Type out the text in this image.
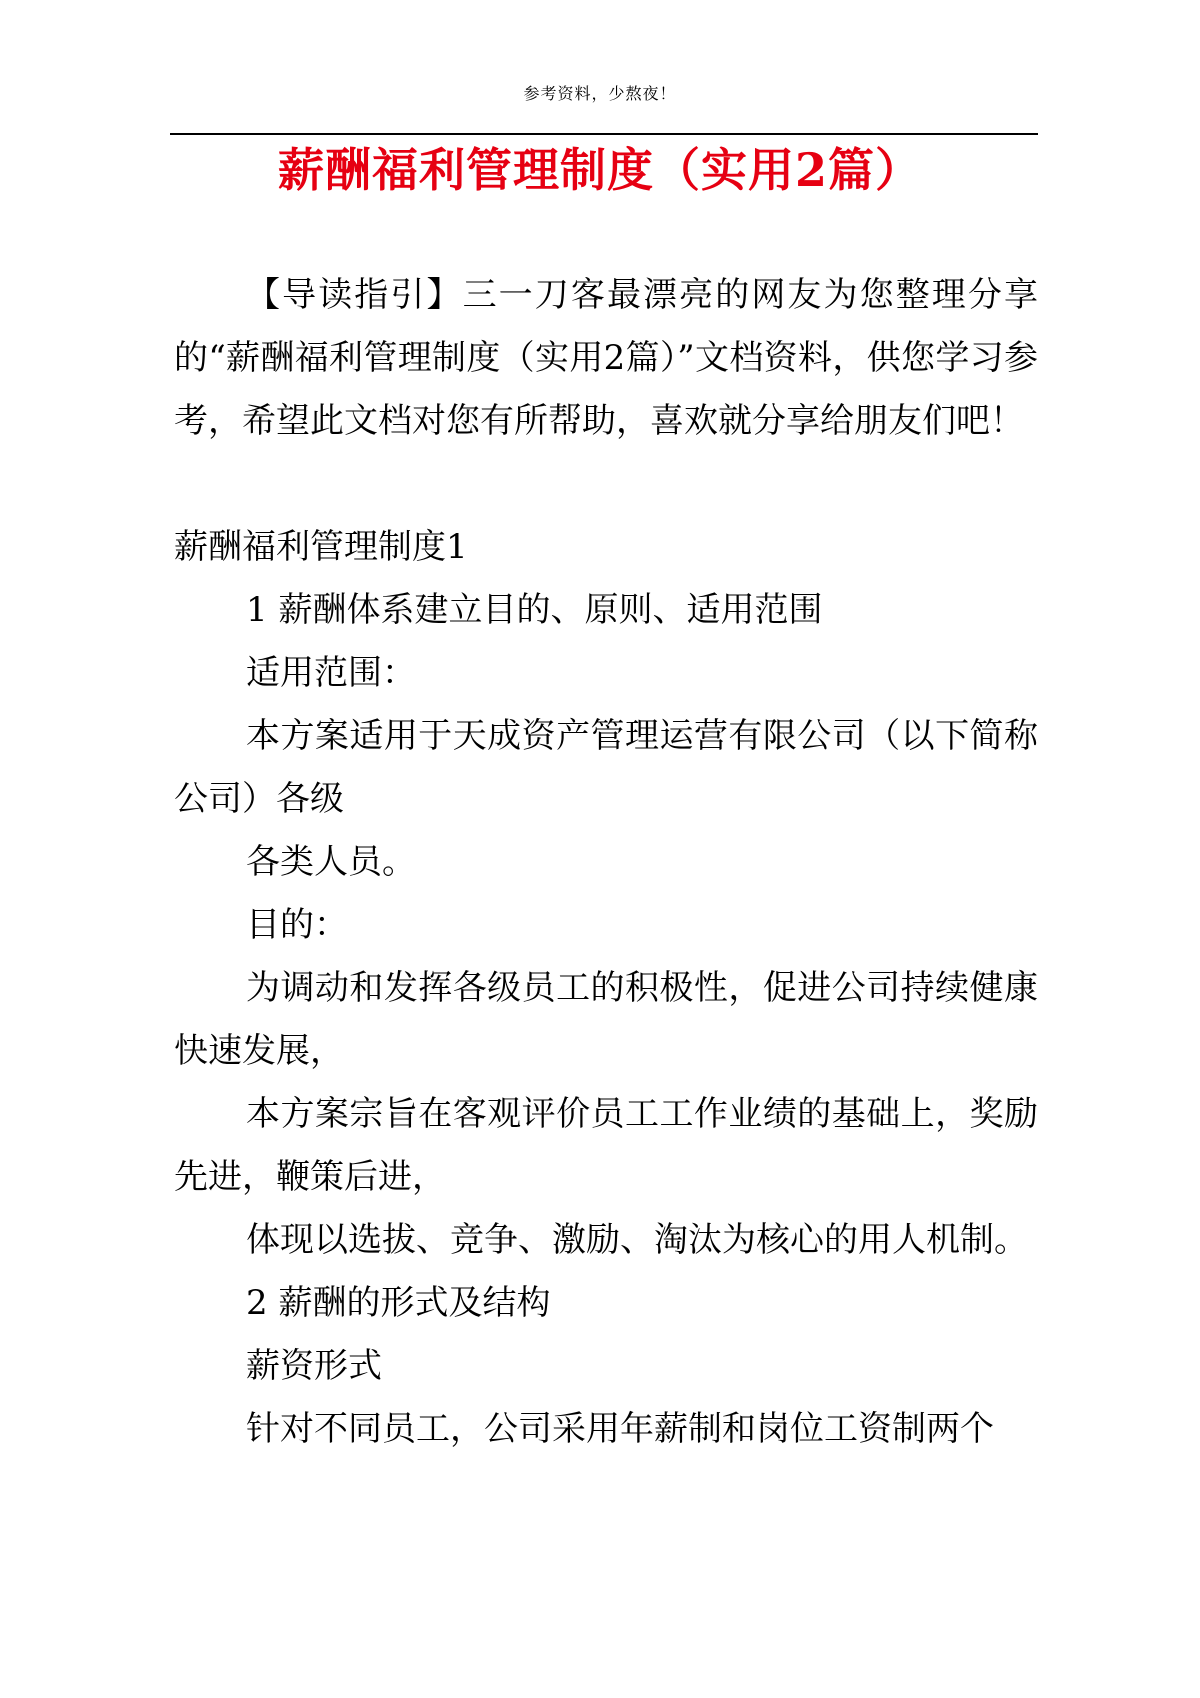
参考资料，少熬夜！
薪酬福利管理制度（实用2篇）

【导读指引】三一刀客最漂亮的网友为您整理分享的“薪酬福利管理制度（实用2篇）”文档资料，供您学习参考，希望此文档对您有所帮助，喜欢就分享给朋友们吧！

薪酬福利管理制度1

1 薪酬体系建立目的、原则、适用范围

适用范围：

本方案适用于天成资产管理运营有限公司（以下简称公司）各级

各类人员。

目的：

为调动和发挥各级员工的积极性，促进公司持续健康快速发展，

本方案宗旨在客观评价员工工作业绩的基础上，奖励先进，鞭策后进，

体现以选拔、竞争、激励、淘汰为核心的用人机制。

2 薪酬的形式及结构

薪资形式

针对不同员工，公司采用年薪制和岗位工资制两个
